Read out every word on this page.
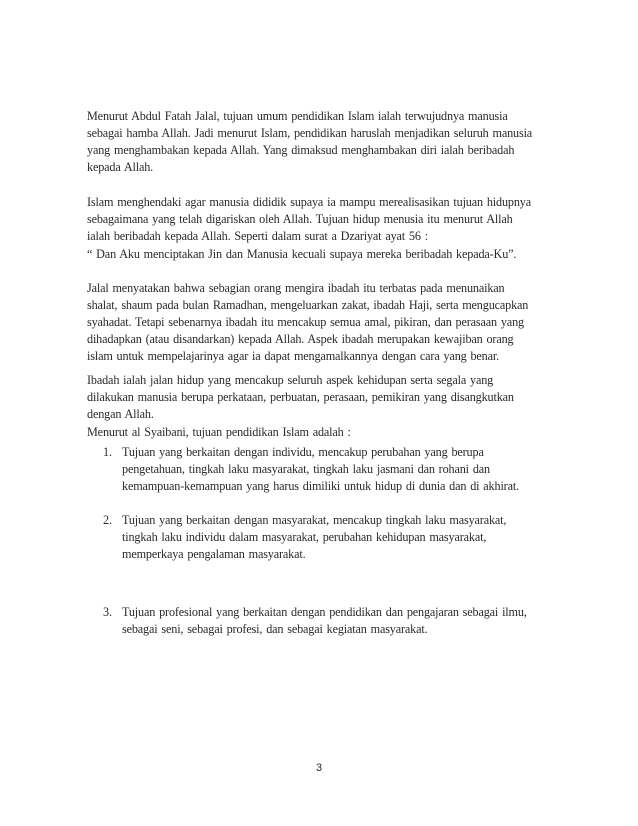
Menurut Abdul Fatah Jalal, tujuan umum pendidikan Islam ialah terwujudnya manusia
sebagai hamba Allah. Jadi menurut Islam, pendidikan haruslah menjadikan seluruh manusia
yang menghambakan kepada Allah. Yang dimaksud menghambakan diri ialah beribadah
kepada Allah.

Islam menghendaki agar manusia dididik supaya ia mampu merealisasikan tujuan hidupnya
sebagaimana yang telah digariskan oleh Allah. Tujuan hidup menusia itu menurut Allah
ialah beribadah kepada Allah. Seperti dalam surat a Dzariyat ayat 56 :

“ Dan Aku menciptakan Jin dan Manusia kecuali supaya mereka beribadah kepada-Ku”.

Jalal menyatakan bahwa sebagian orang mengira ibadah itu terbatas pada menunaikan
shalat, shaum pada bulan Ramadhan, mengeluarkan zakat, ibadah Haji, serta mengucapkan
syahadat. Tetapi sebenarnya ibadah itu mencakup semua amal, pikiran, dan perasaan yang
dihadapkan (atau disandarkan) kepada Allah. Aspek ibadah merupakan kewajiban orang
islam untuk mempelajarinya agar ia dapat mengamalkannya dengan cara yang benar.

Ibadah ialah jalan hidup yang mencakup seluruh aspek kehidupan serta segala yang
dilakukan manusia berupa perkataan, perbuatan, perasaan, pemikiran yang disangkutkan
dengan Allah.

Menurut al Syaibani, tujuan pendidikan Islam adalah :

1. Tujuan yang berkaitan dengan individu, mencakup perubahan yang berupa
pengetahuan, tingkah laku masyarakat, tingkah laku jasmani dan rohani dan
kemampuan-kemampuan yang harus dimiliki untuk hidup di dunia dan di akhirat.
2. Tujuan yang berkaitan dengan masyarakat, mencakup tingkah laku masyarakat,
tingkah laku individu dalam masyarakat, perubahan kehidupan masyarakat,
memperkaya pengalaman masyarakat.
3. Tujuan profesional yang berkaitan dengan pendidikan dan pengajaran sebagai ilmu,
sebagai seni, sebagai profesi, dan sebagai kegiatan masyarakat.
3
